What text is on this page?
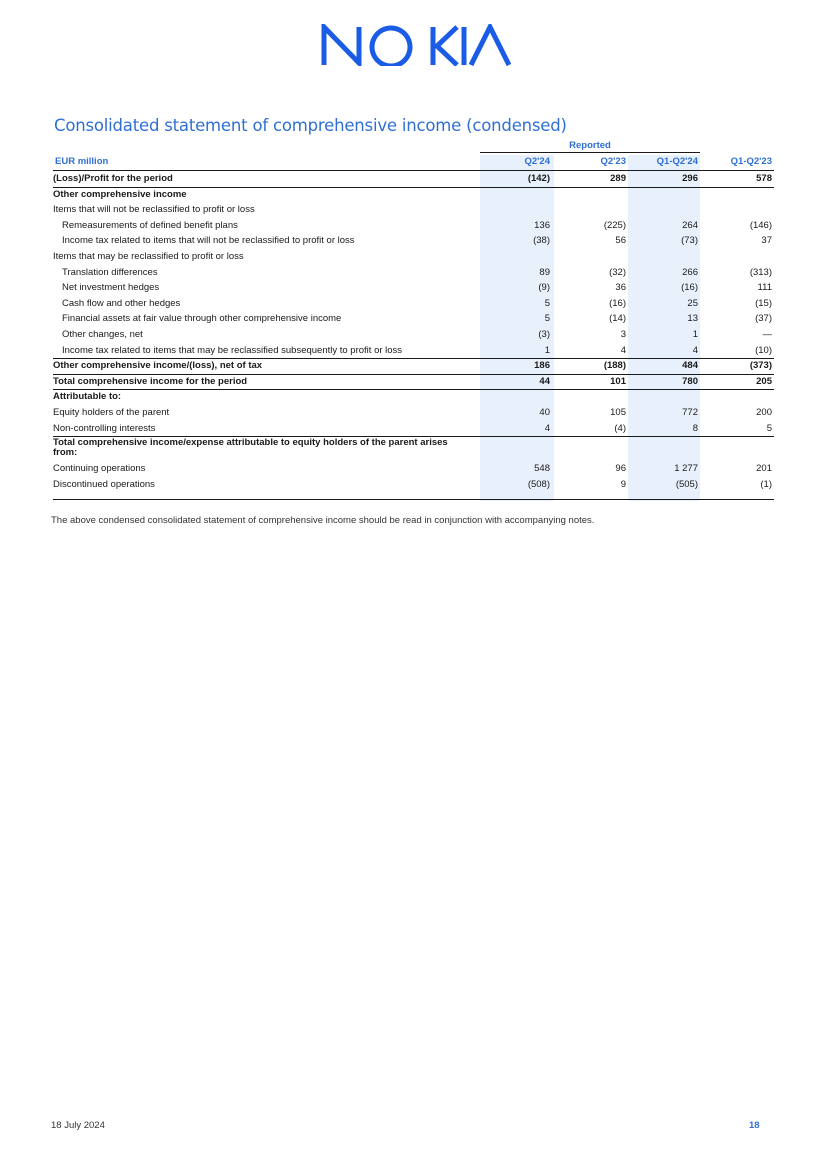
Consolidated statement of comprehensive income (condensed)
Reported
EUR million	Q2'24	Q2'23	Q1-Q2'24	Q1-Q2'23
(Loss)/Profit for the period	(142)	289	296	578
Other comprehensive income
Items that will not be reclassified to profit or loss
Remeasurements of defined benefit plans	136	(225)	264	(146)
Income tax related to items that will not be reclassified to profit or loss	(38)	56	(73)	37
Items that may be reclassified to profit or loss
Translation differences	89	(32)	266	(313)
Net investment hedges	(9)	36	(16)	111
Cash flow and other hedges	5	(16)	25	(15)
Financial assets at fair value through other comprehensive income	5	(14)	13	(37)
Other changes, net	(3)	3	1	—
Income tax related to items that may be reclassified subsequently to profit or loss	1	4	4	(10)
Other comprehensive income/(loss), net of tax	186	(188)	484	(373)
Total comprehensive income for the period	44	101	780	205
Attributable to:
Equity holders of the parent	40	105	772	200
Non-controlling interests	4	(4)	8	5
Total comprehensive income/expense attributable to equity holders of the parent arises from:
Continuing operations	548	96	1 277	201
Discontinued operations	(508)	9	(505)	(1)
The above condensed consolidated statement of comprehensive income should be read in conjunction with accompanying notes.
18 July 2024	18
